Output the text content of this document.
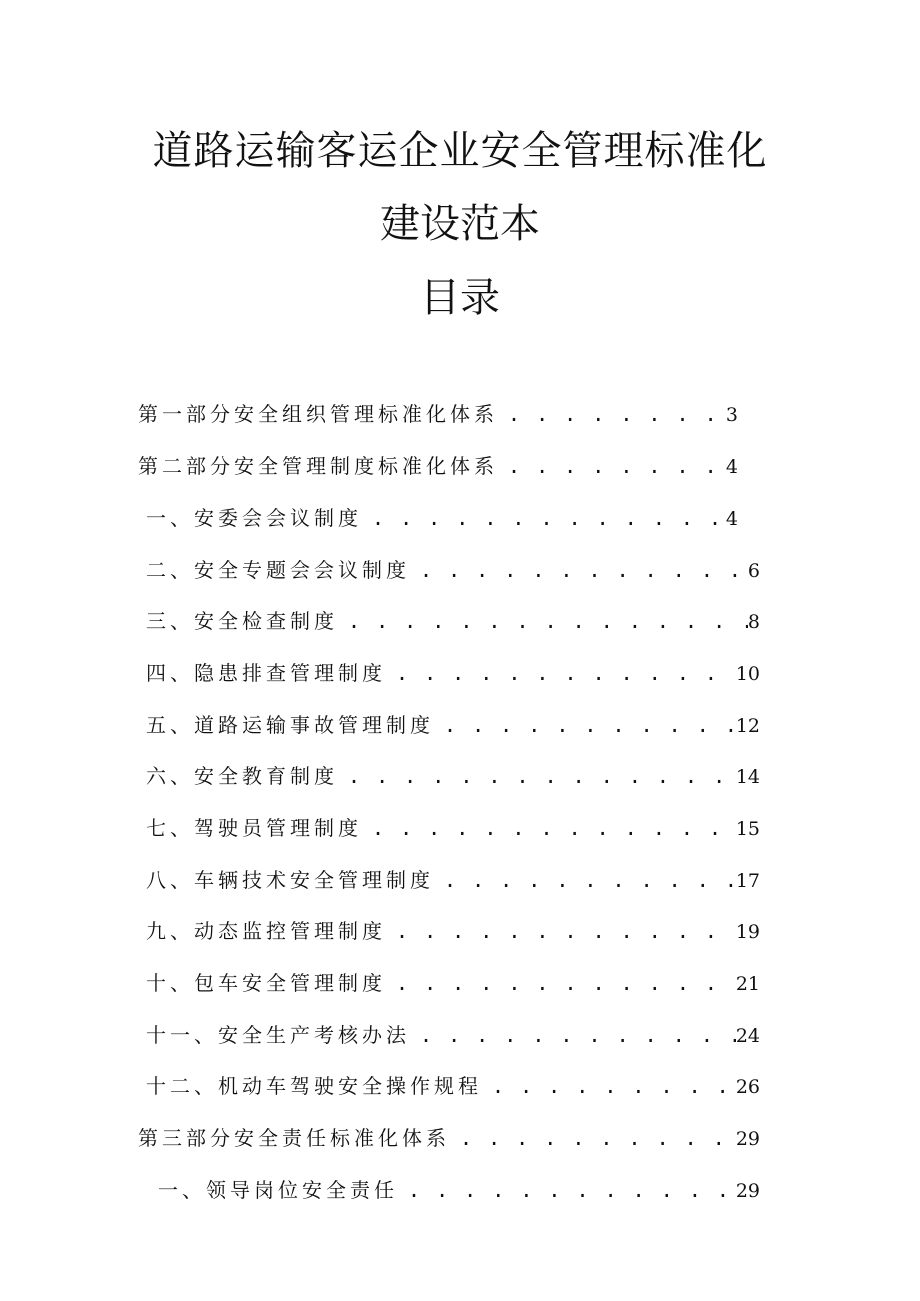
道路运输客运企业安全管理标准化
建设范本
目录
第一部分安全组织管理标准化体系 . . .	3
第二部分安全管理制度标准化体系 . . .	4
一、安委会会议制度 . . .	4
二、安全专题会会议制度 . . .	6
三、安全检查制度 . . .	8
四、隐患排查管理制度 . . .	10
五、道路运输事故管理制度 . . .	12
六、安全教育制度 . . .	14
七、驾驶员管理制度 . . .	15
八、车辆技术安全管理制度 . . .	17
九、动态监控管理制度 . . .	19
十、包车安全管理制度 . . .	21
十一、安全生产考核办法 . . .	24
十二、机动车驾驶安全操作规程 . . .	26
第三部分安全责任标准化体系 . . .	29
一、领导岗位安全责任 . . .	29
